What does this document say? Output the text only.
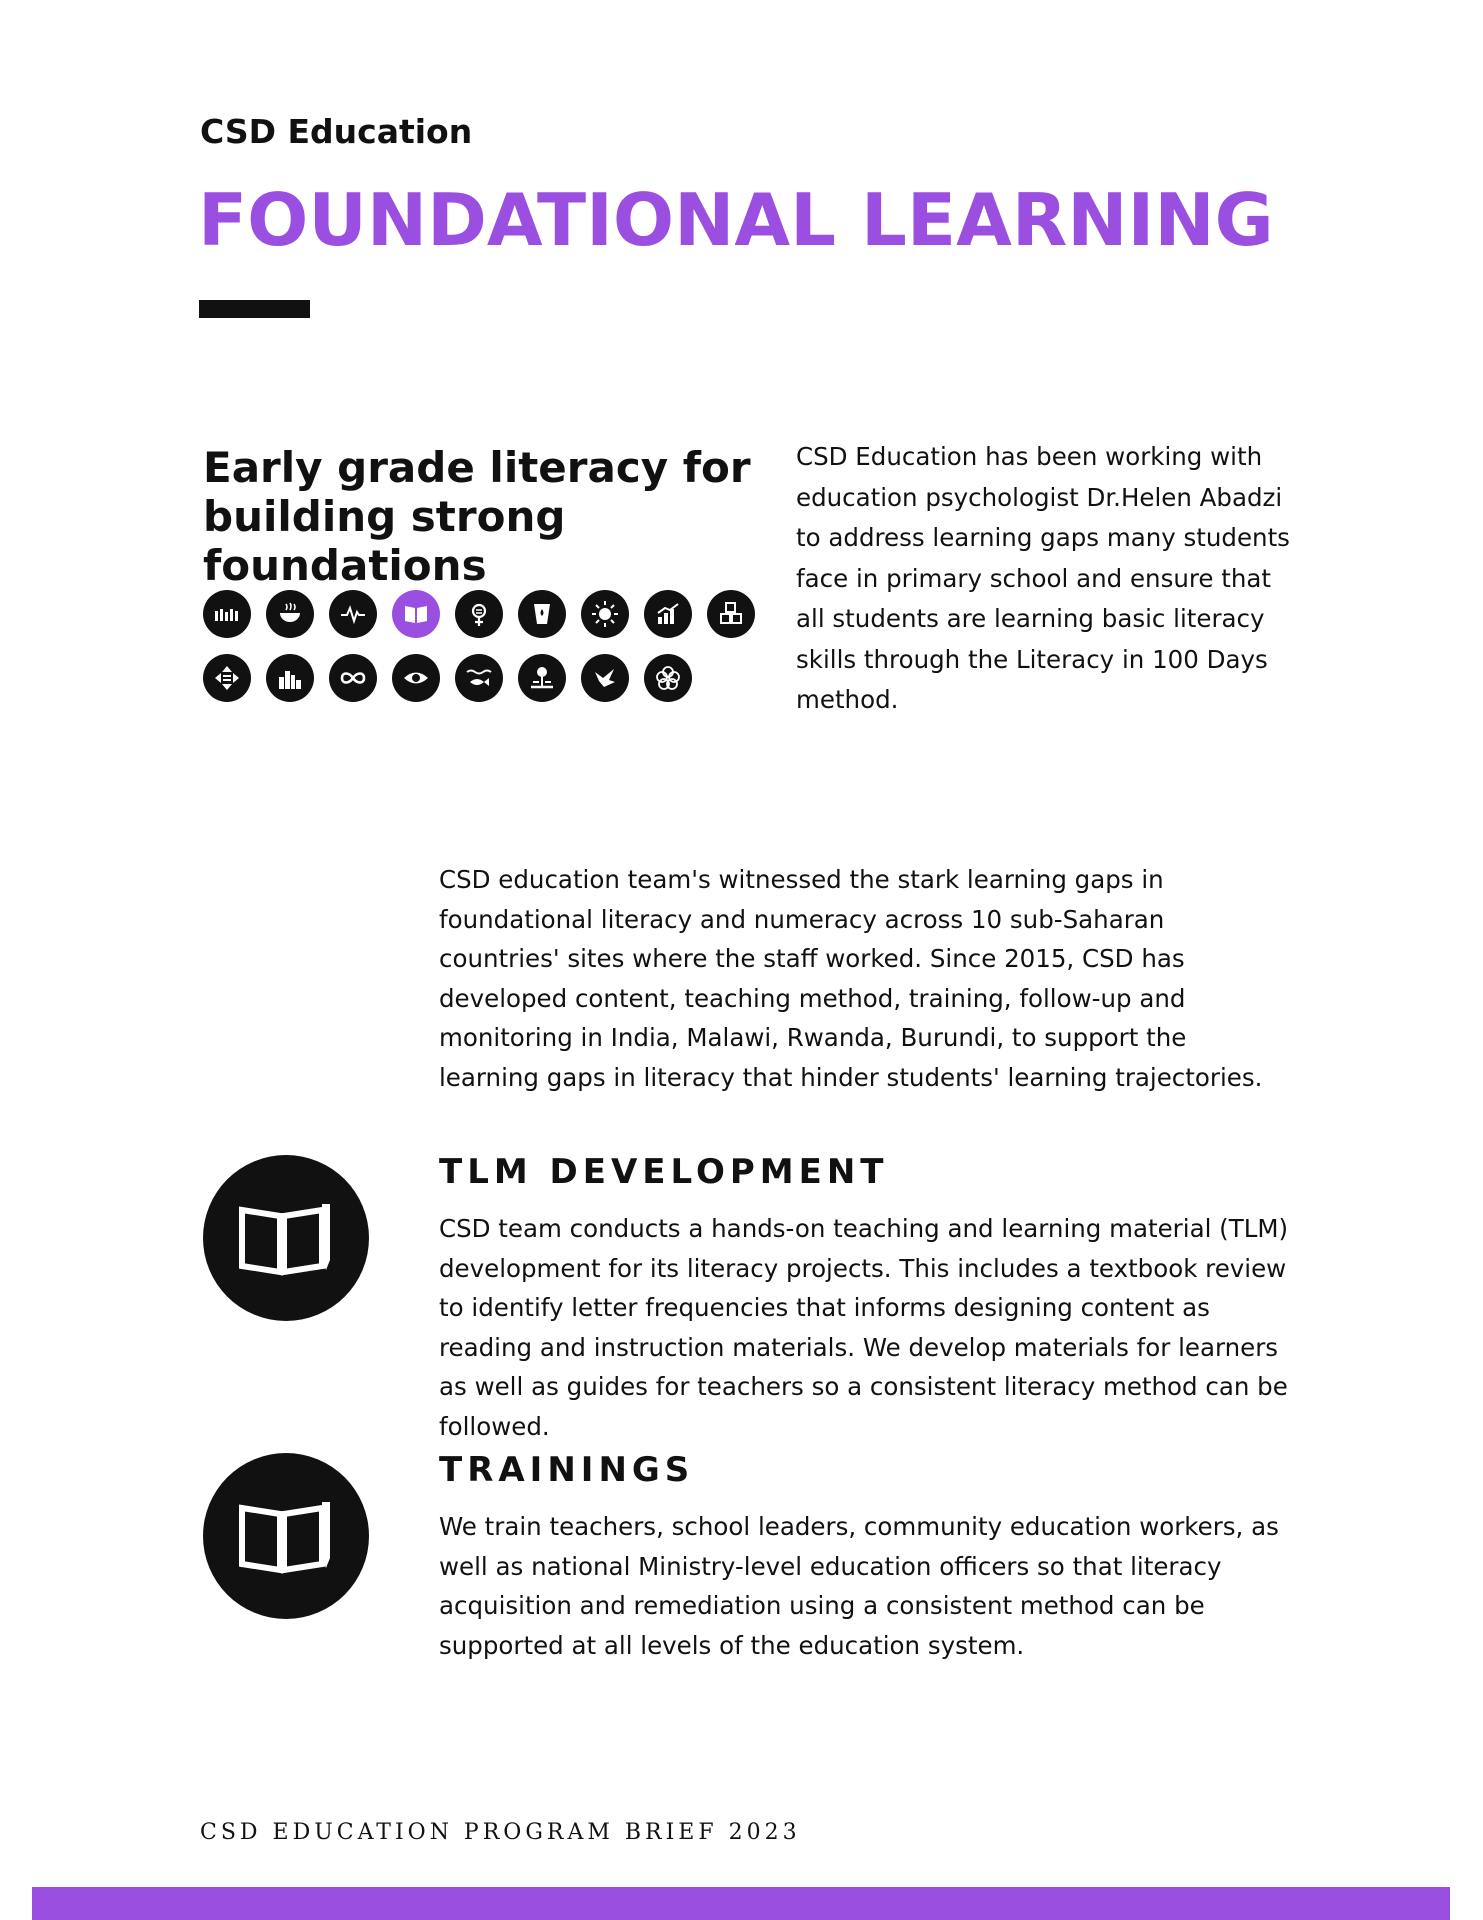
CSD Education
FOUNDATIONAL LEARNING
Early grade literacy for
building strong
foundations
CSD Education has been working with education psychologist Dr.Helen Abadzi to address learning gaps many students face in primary school and ensure that all students are learning basic literacy skills through the Literacy in 100 Days method.
CSD education team's witnessed the stark learning gaps in foundational literacy and numeracy across 10 sub-Saharan countries' sites where the staff worked. Since 2015, CSD has developed content, teaching method, training, follow-up and monitoring in India, Malawi, Rwanda, Burundi, to support the learning gaps in literacy that hinder students' learning trajectories.
TLM DEVELOPMENT
CSD team conducts a hands-on teaching and learning material (TLM) development for its literacy projects. This includes a textbook review to identify letter frequencies that informs designing content as reading and instruction materials. We develop materials for learners as well as guides for teachers so a consistent literacy method can be followed.
TRAININGS
We train teachers, school leaders, community education workers, as well as national Ministry-level education officers so that literacy acquisition and remediation using a consistent method can be supported at all levels of the education system.
CSD EDUCATION PROGRAM BRIEF 2023
